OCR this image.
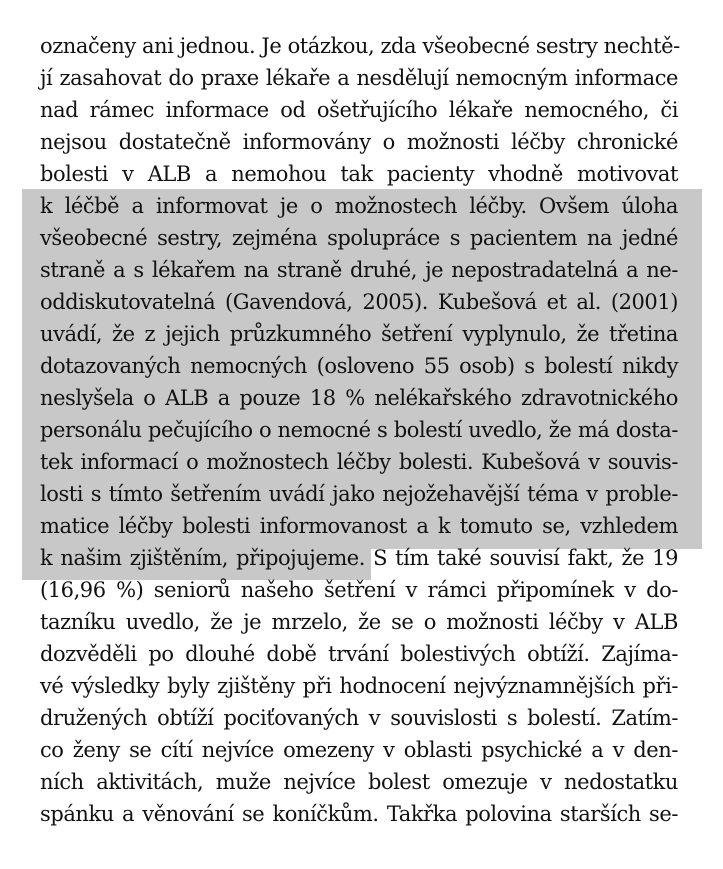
označeny ani jednou. Je otázkou, zda všeobecné sestry nechtě-
jí zasahovat do praxe lékaře a nesdělují nemocným informace
nad rámec informace od ošetřujícího lékaře nemocného, či
nejsou dostatečně informovány o možnosti léčby chronické
bolesti v ALB a nemohou tak pacienty vhodně motivovat
k léčbě a informovat je o možnostech léčby. Ovšem úloha
všeobecné sestry, zejména spolupráce s pacientem na jedné
straně a s lékařem na straně druhé, je nepostradatelná a ne-
oddiskutovatelná (Gavendová, 2005). Kubešová et al. (2001)
uvádí, že z jejich průzkumného šetření vyplynulo, že třetina
dotazovaných nemocných (osloveno 55 osob) s bolestí nikdy
neslyšela o ALB a pouze 18 % nelékařského zdravotnického
personálu pečujícího o nemocné s bolestí uvedlo, že má dosta-
tek informací o možnostech léčby bolesti. Kubešová v souvis-
losti s tímto šetřením uvádí jako nejožehavější téma v proble-
matice léčby bolesti informovanost a k tomuto se, vzhledem
k našim zjištěním, připojujeme. S tím také souvisí fakt, že 19
(16,96 %) seniorů našeho šetření v rámci připomínek v do-
tazníku uvedlo, že je mrzelo, že se o možnosti léčby v ALB
dozvěděli po dlouhé době trvání bolestivých obtíží. Zajíma-
vé výsledky byly zjištěny při hodnocení nejvýznamnějších při-
družených obtíží pociťovaných v souvislosti s bolestí. Zatím-
co ženy se cítí nejvíce omezeny v oblasti psychické a v den-
ních aktivitách, muže nejvíce bolest omezuje v nedostatku
spánku a věnování se koníčkům. Takřka polovina starších se-
